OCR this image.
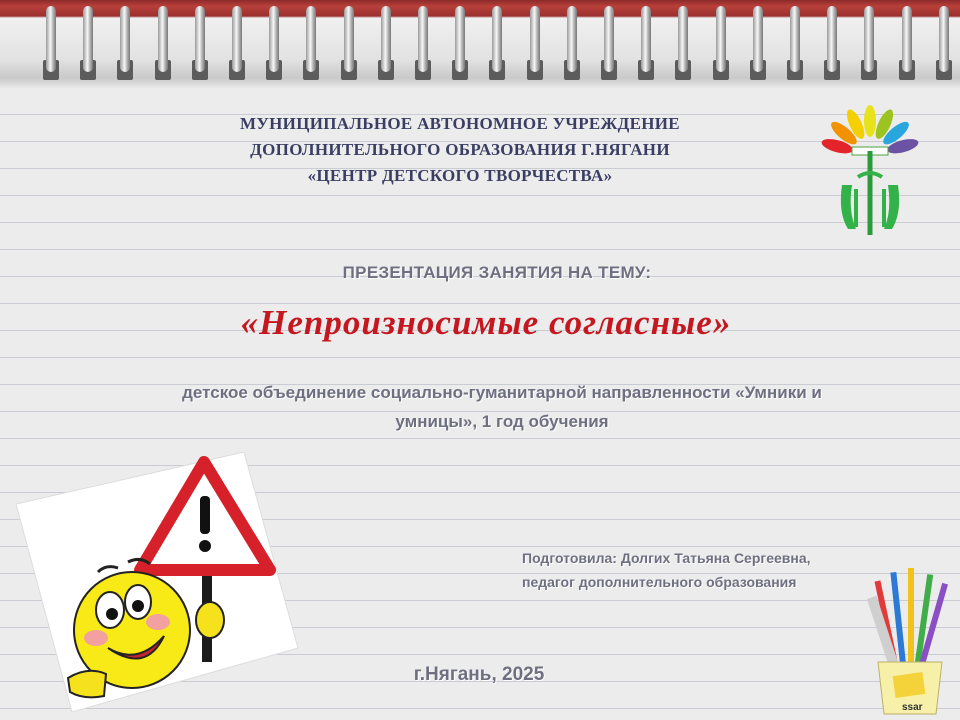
МУНИЦИПАЛЬНОЕ АВТОНОМНОЕ УЧРЕЖДЕНИЕ
ДОПОЛНИТЕЛЬНОГО ОБРАЗОВАНИЯ Г.НЯГАНИ
«ЦЕНТР ДЕТСКОГО ТВОРЧЕСТВА»
ПРЕЗЕНТАЦИЯ ЗАНЯТИЯ НА ТЕМУ:
«Непроизносимые согласные»
детское объединение социально-гуманитарной направленности «Умники и
умницы», 1 год обучения
Подготовила: Долгих Татьяна Сергеевна,
педагог дополнительного образования
г.Нягань, 2025
ssar
